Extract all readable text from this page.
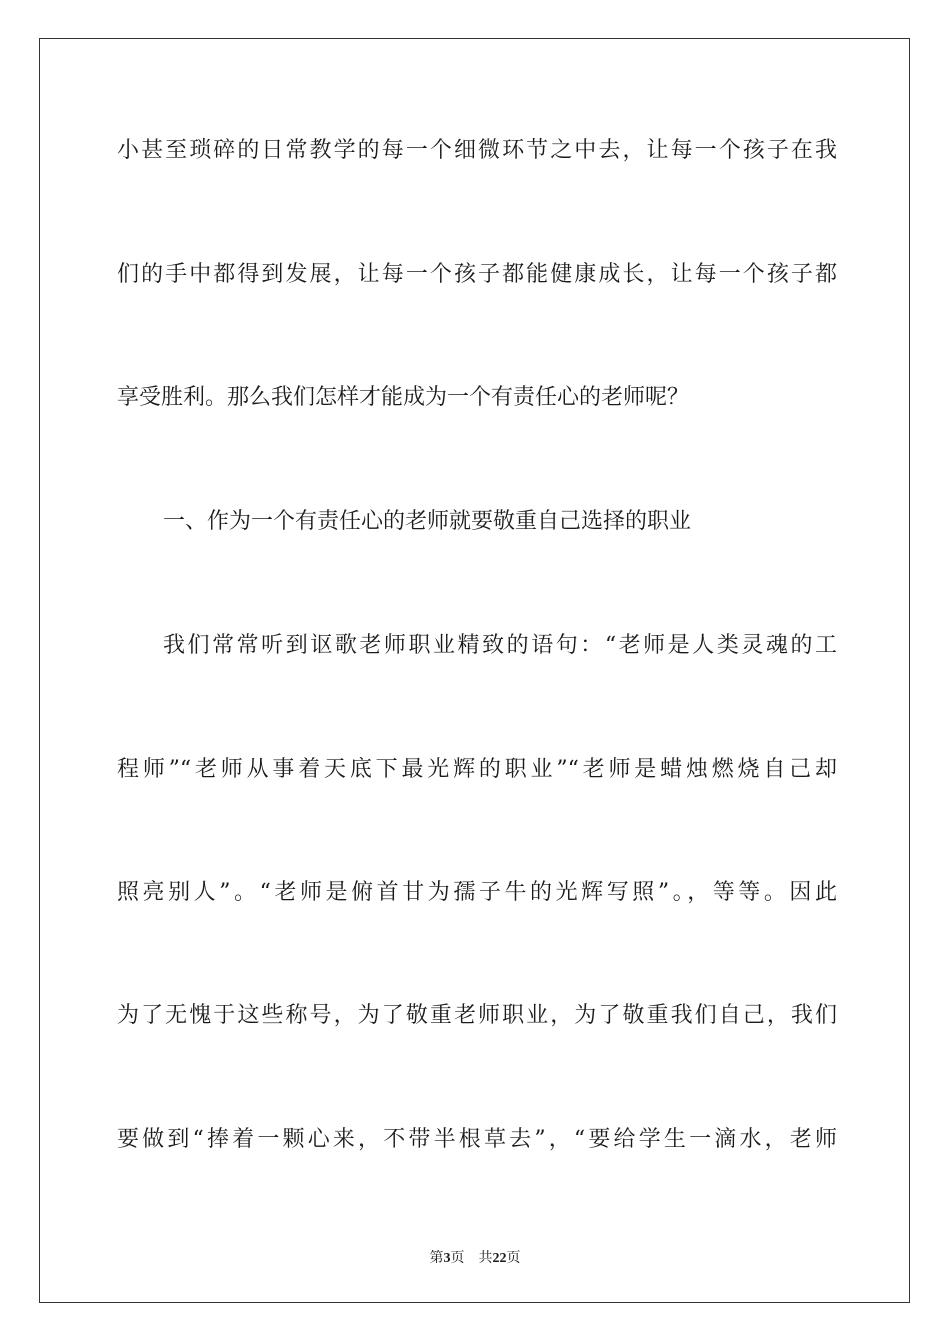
小甚至琐碎的日常教学的每一个细微环节之中去，让每一个孩子在我
们的手中都得到发展，让每一个孩子都能健康成长，让每一个孩子都
享受胜利。那么我们怎样才能成为一个有责任心的老师呢？
一、作为一个有责任心的老师就要敬重自己选择的职业
我们常常听到讴歌老师职业精致的语句：“老师是人类灵魂的工
程师”“老师从事着天底下最光辉的职业”“老师是蜡烛燃烧自己却
照亮别人”。“老师是俯首甘为孺子牛的光辉写照”。，等等。因此
为了无愧于这些称号，为了敬重老师职业，为了敬重我们自己，我们
要做到“捧着一颗心来，不带半根草去”，“要给学生一滴水，老师
第3页 共22页
